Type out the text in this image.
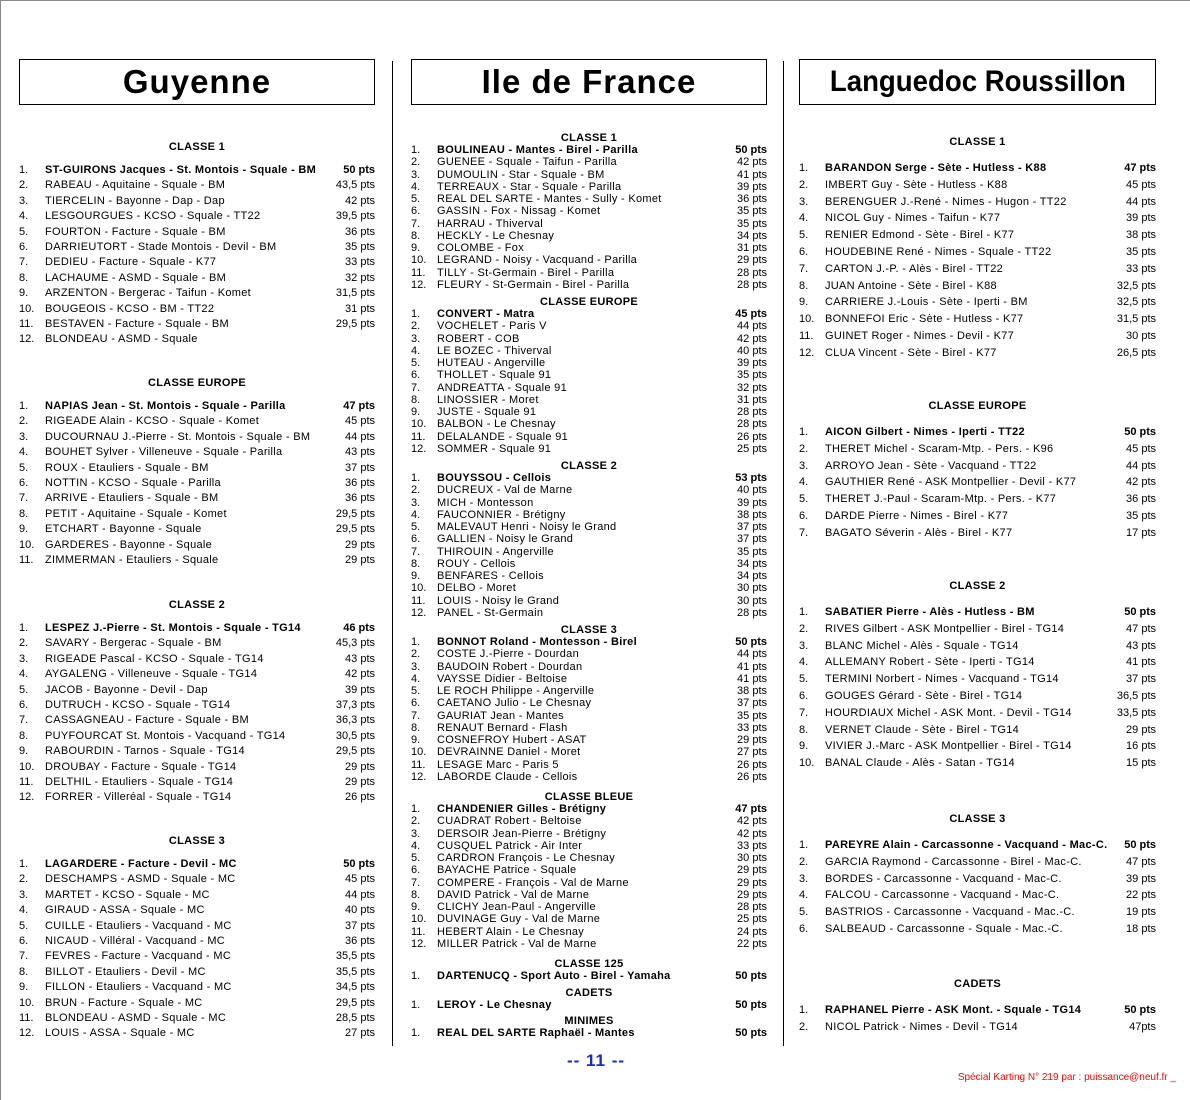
Guyenne	Ile de France	Languedoc Roussillon
CLASSE 1
1.	ST-GUIRONS Jacques - St. Montois - Squale - BM 50 pts
2.	RABEAU - Aquitaine - Squale - BM	43,5 pts
3.	TIERCELIN - Bayonne - Dap - Dap	42 pts
4.	LESGOURGUES - KCSO - Squale - TT22	39,5 pts
5.	FOURTON - Facture - Squale - BM	36 pts
6.	DARRIEUTORT - Stade Montois - Devil - BM	35 pts
7.	DEDIEU - Facture - Squale - K77	33 pts
8.	LACHAUME - ASMD - Squale - BM	32 pts
9.	ARZENTON - Bergerac - Taifun - Komet	31,5 pts
10. BOUGEOIS - KCSO - BM - TT22	31 pts
11.	BESTAVEN - Facture - Squale - BM	29,5 pts
12. BLONDEAU - ASMD - Squale
CLASSE EUROPE
1.	NAPIAS Jean - St. Montois - Squale - Parilla	47 pts
2.	RIGEADE Alain - KCSO - Squale - Komet	45 pts
3.	DUCOURNAU J.-Pierre - St. Montois - Squale - BM	44 pts
4.	BOUHET Sylver - Villeneuve - Squale - Parilla	43 pts
5.	ROUX - Etauliers - Squale - BM	37 pts
6.	NOTTIN - KCSO - Squale - Parilla	36 pts
7.	ARRIVE - Etauliers - Squale - BM	36 pts
8.	PETIT - Aquitaine - Squale - Komet	29,5 pts
9.	ETCHART - Bayonne - Squale	29,5 pts
10. GARDERES - Bayonne - Squale	29 pts
11.	ZIMMERMAN - Etauliers - Squale	29 pts
CLASSE 2
1.	LESPEZ J.-Pierre - St. Montois - Squale - TG14	46 pts
2.	SAVARY - Bergerac - Squale - BM	45,3 pts
3.	RIGEADE Pascal - KCSO - Squale - TG14	43 pts
4.	AYGALENG - Villeneuve - Squale - TG14	42 pts
5.	JACOB - Bayonne - Devil - Dap	39 pts
6.	DUTRUCH - KCSO - Squale - TG14	37,3 pts
7.	CASSAGNEAU - Facture - Squale - BM	36,3 pts
8.	PUYFOURCAT St. Montois - Vacquand - TG14	30,5 pts
9.	RABOURDIN - Tarnos - Squale - TG14	29,5 pts
10. DROUBAY - Facture - Squale - TG14	29 pts
11.	DELTHIL - Etauliers - Squale - TG14	29 pts
12. FORRER - Villeréal - Squale - TG14	26 pts
CLASSE 3
1.	LAGARDERE - Facture - Devil - MC	50 pts
2.	DESCHAMPS - ASMD - Squale - MC	45 pts
3.	MARTET - KCSO - Squale - MC	44 pts
4.	GIRAUD - ASSA - Squale - MC	40 pts
5.	CUILLE - Etauliers - Vacquand - MC	37 pts
6.	NICAUD - Villéral - Vacquand - MC	36 pts
7.	FEVRES - Facture - Vacquand - MC	35,5 pts
8.	BILLOT - Etauliers - Devil - MC	35,5 pts
9.	FILLON - Etauliers - Vacquand - MC	34,5 pts
10. BRUN - Facture - Squale - MC	29,5 pts
11.	BLONDEAU - ASMD - Squale - MC	28,5 pts
12. LOUIS - ASSA - Squale - MC	27 pts
CLASSE 1
1.	BOULINEAU - Mantes - Birel - Parilla	50 pts
2.	GUENEE - Squale - Taifun - Parilla	42 pts
3.	DUMOULIN - Star - Squale - BM	41 pts
4.	TERREAUX - Star - Squale - Parilla	39 pts
5.	REAL DEL SARTE - Mantes - Sully - Komet	36 pts
6.	GASSIN - Fox - Nissag - Komet	35 pts
7.	HARRAU - Thiverval	35 pts
8.	HECKLY - Le Chesnay	34 pts
9.	COLOMBE - Fox	31 pts
10. LEGRAND - Noisy - Vacquand - Parilla	29 pts
11.	TILLY - St-Germain - Birel - Parilla	28 pts
12. FLEURY - St-Germain - Birel - Parilla	28 pts
CLASSE EUROPE
1.	CONVERT - Matra	45 pts
2.	VOCHELET - Paris V	44 pts
3.	ROBERT - COB	42 pts
4.	LE BOZEC - Thiverval	40 pts
5.	HUTEAU - Angerville	39 pts
6.	THOLLET - Squale 91	35 pts
7.	ANDREATTA - Squale 91	32 pts
8.	LINOSSIER - Moret	31 pts
9.	JUSTE - Squale 91	28 pts
10. BALBON - Le Chesnay	28 pts
11.	DELALANDE - Squale 91	26 pts
12. SOMMER - Squale 91	25 pts
CLASSE 2
1.	BOUYSSOU - Cellois	53 pts
2.	DUCREUX - Val de Marne	40 pts
3.	MICH - Montesson	39 pts
4.	FAUCONNIER - Brétigny	38 pts
5.	MALEVAUT Henri - Noisy le Grand	37 pts
6.	GALLIEN - Noisy le Grand	37 pts
7.	THIROUIN - Angerville	35 pts
8.	ROUY - Cellois	34 pts
9.	BENFARES - Cellois	34 pts
10. DELBO - Moret	30 pts
11.	LOUIS - Noisy le Grand	30 pts
12. PANEL - St-Germain	28 pts
CLASSE 3
1.	BONNOT Roland - Montesson - Birel	50 pts
2.	COSTE J.-Pierre - Dourdan	44 pts
3.	BAUDOIN Robert - Dourdan	41 pts
4.	VAYSSE Didier - Beltoise	41 pts
5.	LE ROCH Philippe - Angerville	38 pts
6.	CAETANO Julio - Le Chesnay	37 pts
7.	GAURIAT Jean - Mantes	35 pts
8.	RENAUT Bernard - Flash	33 pts
9.	COSNEFROY Hubert - ASAT	29 pts
10. DEVRAINNE Daniel - Moret	27 pts
11.	LESAGE Marc - Paris 5	26 pts
12. LABORDE Claude - Cellois	26 pts
CLASSE BLEUE
1.	CHANDENIER Gilles - Brétigny	47 pts
2.	CUADRAT Robert - Beltoise	42 pts
3.	DERSOIR Jean-Pierre - Brétigny	42 pts
4.	CUSQUEL Patrick - Air Inter	33 pts
5.	CARDRON François - Le Chesnay	30 pts
6.	BAYACHE Patrice - Squale	29 pts
7.	COMPERE - François - Val de Marne	29 pts
8.	DAVID Patrick - Val de Marne	29 pts
9.	CLICHY Jean-Paul - Angerville	28 pts
10. DUVINAGE Guy - Val de Marne	25 pts
11.	HEBERT Alain - Le Chesnay	24 pts
12. MILLER Patrick - Val de Marne	22 pts
CLASSE 125
1.	DARTENUCQ - Sport Auto - Birel - Yamaha	50 pts
CADETS
1.	LEROY - Le Chesnay	50 pts
MINIMES
1.	REAL DEL SARTE Raphaël - Mantes	50 pts
CLASSE 1
1.	BARANDON Serge - Sète - Hutless - K88	47 pts
2.	IMBERT Guy - Sète - Hutless - K88	45 pts
3.	BERENGUER J.-René - Nimes - Hugon - TT22	44 pts
4.	NICOL Guy - Nimes - Taifun - K77	39 pts
5.	RENIER Edmond - Sète - Birel - K77	38 pts
6.	HOUDEBINE René - Nimes - Squale - TT22	35 pts
7.	CARTON J.-P. - Alès - Birel - TT22	33 pts
8.	JUAN Antoine - Sète - Birel - K88	32,5 pts
9.	CARRIERE J.-Louis - Sète - Iperti - BM	32,5 pts
10. BONNEFOI Eric - Sète - Hutless - K77	31,5 pts
11.	GUINET Roger - Nimes - Devil - K77	30 pts
12. CLUA Vincent - Sète - Birel - K77	26,5 pts
CLASSE EUROPE
1.	AICON Gilbert - Nimes - Iperti - TT22	50 pts
2.	THERET Michel - Scaram-Mtp. - Pers. - K96	45 pts
3.	ARROYO Jean - Sète - Vacquand - TT22	44 pts
4.	GAUTHIER René - ASK Montpellier - Devil - K77	42 pts
5.	THERET J.-Paul - Scaram-Mtp. - Pers. - K77	36 pts
6.	DARDE Pierre - Nimes - Birel - K77	35 pts
7.	BAGATO Séverin - Alès - Birel - K77	17 pts
CLASSE 2
1.	SABATIER Pierre - Alès - Hutless - BM	50 pts
2.	RIVES Gilbert - ASK Montpellier - Birel - TG14	47 pts
3.	BLANC Michel - Alès - Squale - TG14	43 pts
4.	ALLEMANY Robert - Sète - Iperti - TG14	41 pts
5.	TERMINI Norbert - Nimes - Vacquand - TG14	37 pts
6.	GOUGES Gérard - Sète - Birel - TG14	36,5 pts
7.	HOURDIAUX Michel - ASK Mont. - Devil - TG14	33,5 pts
8.	VERNET Claude - Sète - Birel - TG14	29 pts
9.	VIVIER J.-Marc - ASK Montpellier - Birel - TG14	16 pts
10. BANAL Claude - Alès - Satan - TG14	15 pts
CLASSE 3
1.	PAREYRE Alain - Carcassonne - Vacquand - Mac-C. 50 pts
2.	GARCIA Raymond - Carcassonne - Birel - Mac-C.	47 pts
3.	BORDES - Carcassonne - Vacquand - Mac-C.	39 pts
4.	FALCOU - Carcassonne - Vacquand - Mac-C.	22 pts
5.	BASTRIOS - Carcassonne - Vacquand - Mac.-C.	19 pts
6.	SALBEAUD - Carcassonne - Squale - Mac.-C.	18 pts
CADETS
1.	RAPHANEL Pierre - ASK Mont. - Squale - TG14	50 pts
2.	NICOL Patrick - Nimes - Devil - TG14	47pts
-- 11 --
Spécial Karting N° 219 par : puissance@neuf.fr _
